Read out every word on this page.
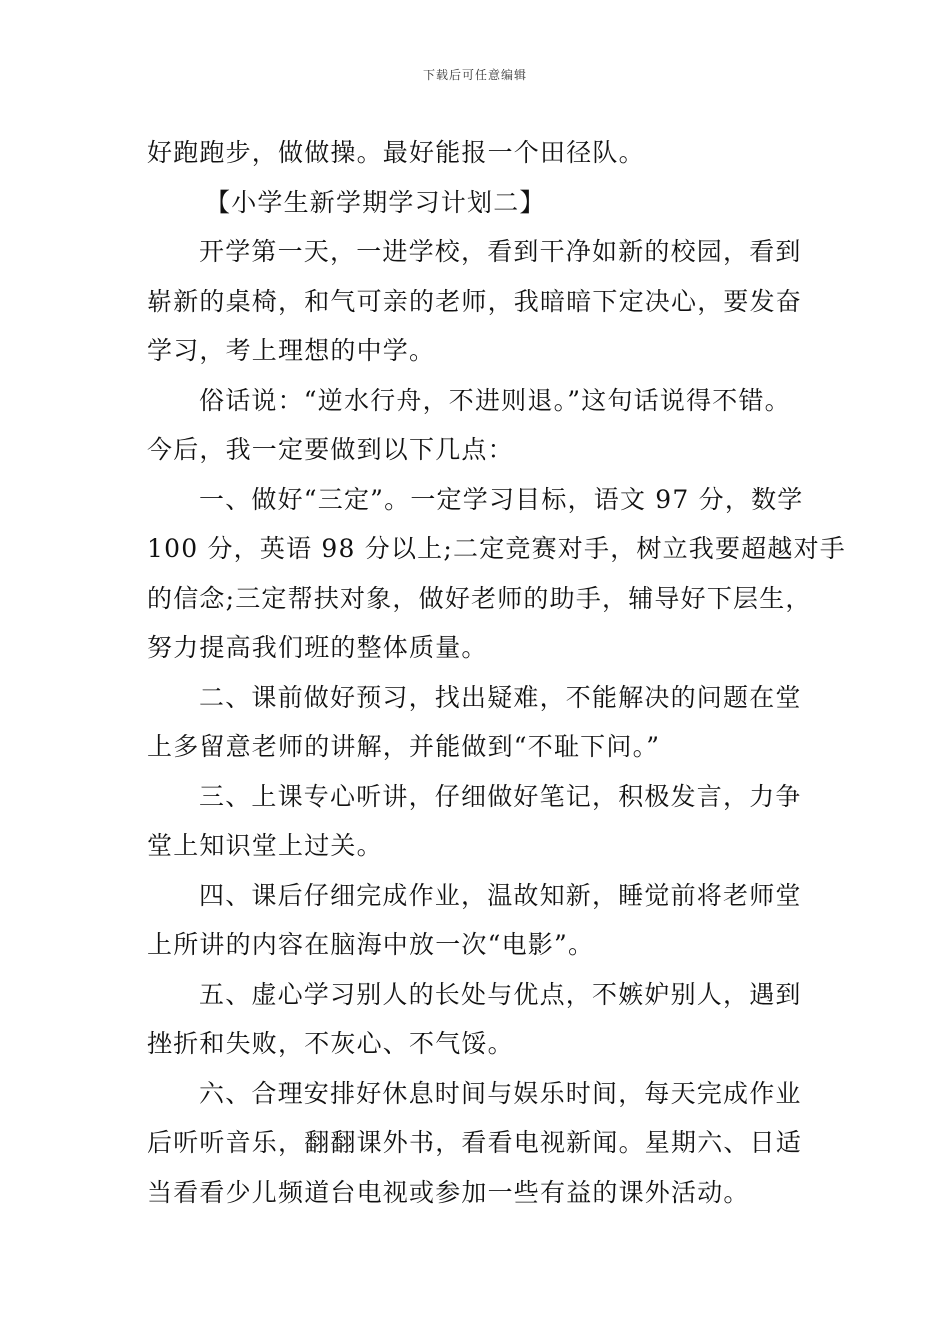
下载后可任意编辑
好跑跑步，做做操。最好能报一个田径队。
【小学生新学期学习计划二】
开学第一天，一进学校，看到干净如新的校园，看到
崭新的桌椅，和气可亲的老师，我暗暗下定决心，要发奋
学习，考上理想的中学。
俗话说：“逆水行舟，不进则退。”这句话说得不错。
今后，我一定要做到以下几点：
一、做好“三定”。一定学习目标，语文 97 分，数学
100 分，英语 98 分以上;二定竞赛对手，树立我要超越对手
的信念;三定帮扶对象，做好老师的助手，辅导好下层生，
努力提高我们班的整体质量。
二、课前做好预习，找出疑难，不能解决的问题在堂
上多留意老师的讲解，并能做到“不耻下问。”
三、上课专心听讲，仔细做好笔记，积极发言，力争
堂上知识堂上过关。
四、课后仔细完成作业，温故知新，睡觉前将老师堂
上所讲的内容在脑海中放一次“电影”。
五、虚心学习别人的长处与优点，不嫉妒别人，遇到
挫折和失败，不灰心、不气馁。
六、合理安排好休息时间与娱乐时间，每天完成作业
后听听音乐，翻翻课外书，看看电视新闻。星期六、日适
当看看少儿频道台电视或参加一些有益的课外活动。
